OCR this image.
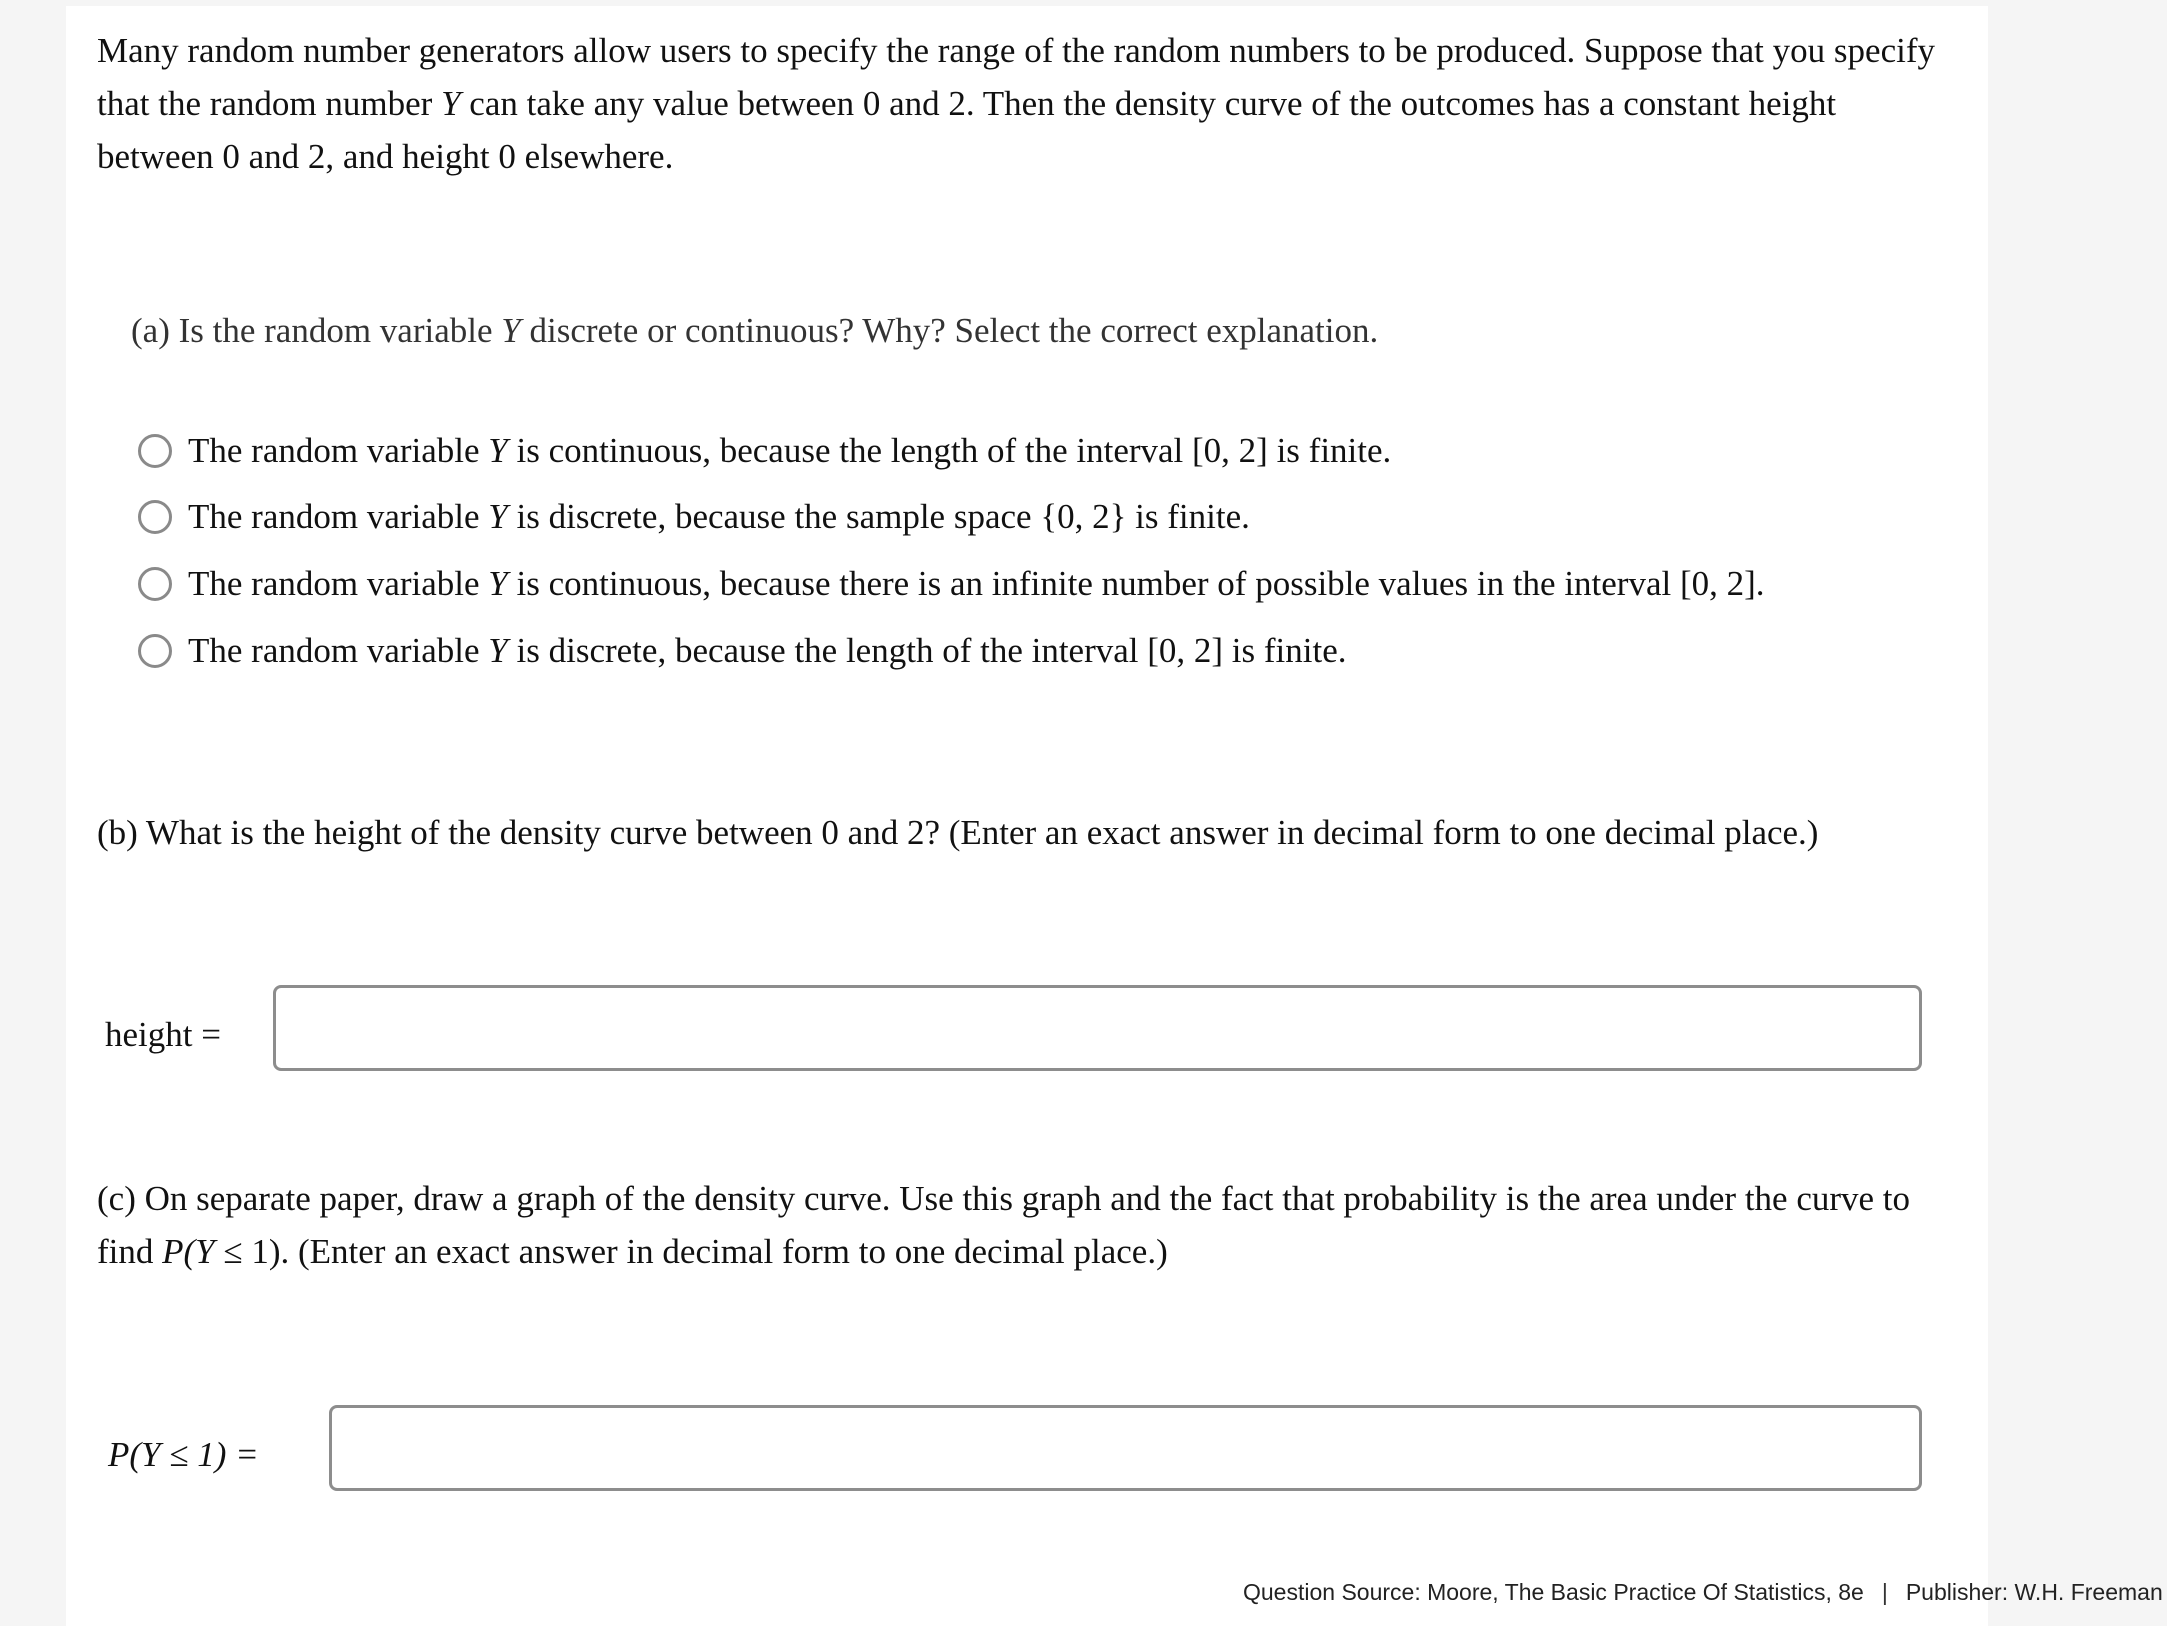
Many random number generators allow users to specify the range of the random numbers to be produced. Suppose that you specify that the random number Y can take any value between 0 and 2. Then the density curve of the outcomes has a constant height between 0 and 2, and height 0 elsewhere.
(a) Is the random variable Y discrete or continuous? Why? Select the correct explanation.
The random variable Y is continuous, because the length of the interval [0, 2] is finite.
The random variable Y is discrete, because the sample space {0, 2} is finite.
The random variable Y is continuous, because there is an infinite number of possible values in the interval [0, 2].
The random variable Y is discrete, because the length of the interval [0, 2] is finite.
(b) What is the height of the density curve between 0 and 2? (Enter an exact answer in decimal form to one decimal place.)
height =
(c) On separate paper, draw a graph of the density curve. Use this graph and the fact that probability is the area under the curve to find P(Y ≤ 1). (Enter an exact answer in decimal form to one decimal place.)
P(Y ≤ 1) =
Question Source: Moore, The Basic Practice Of Statistics, 8e | Publisher: W.H. Freeman
